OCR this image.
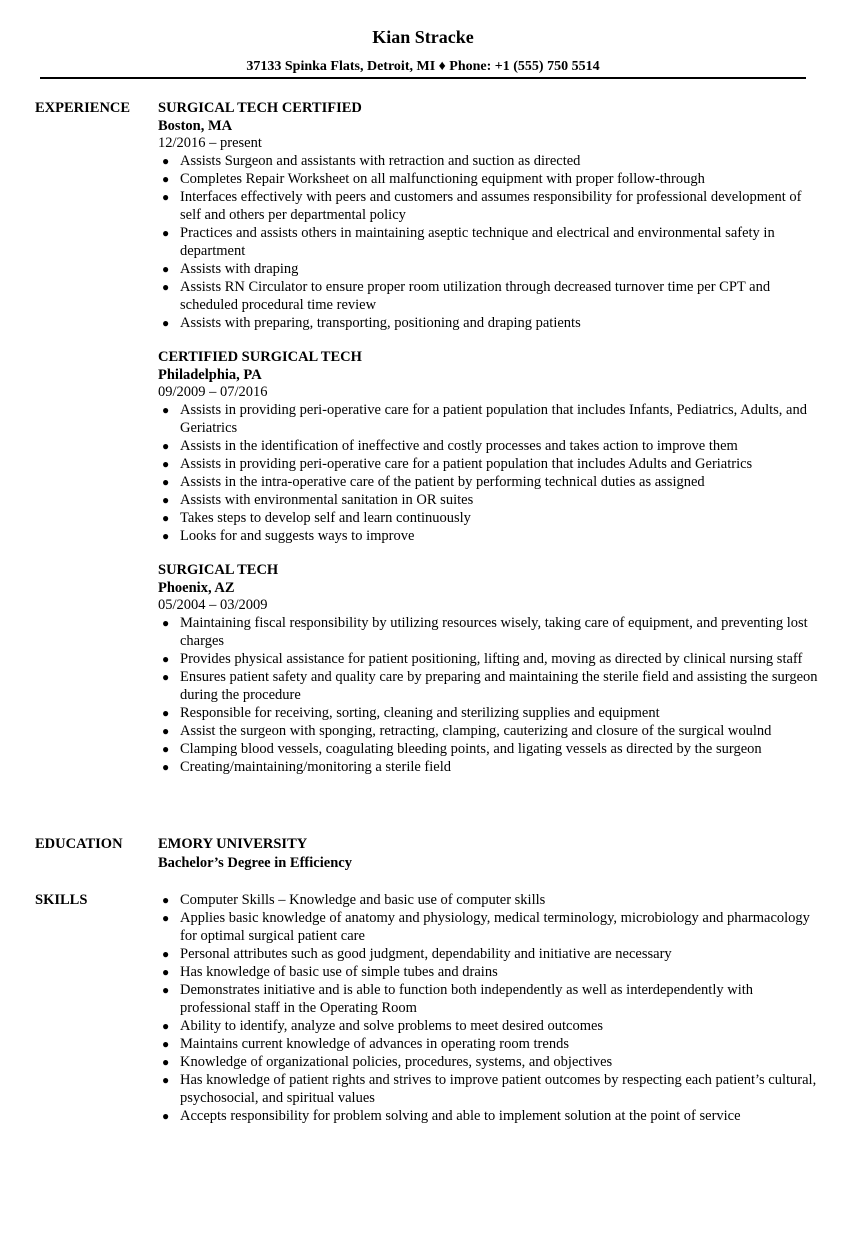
Kian Stracke
37133 Spinka Flats, Detroit, MI ♦ Phone: +1 (555) 750 5514
EXPERIENCE	SURGICAL TECH CERTIFIED
Boston, MA
12/2016 – present
● Assists Surgeon and assistants with retraction and suction as directed
● Completes Repair Worksheet on all malfunctioning equipment with proper follow-through
● Interfaces effectively with peers and customers and assumes responsibility for professional development of self and others per departmental policy
● Practices and assists others in maintaining aseptic technique and electrical and environmental safety in department
● Assists with draping
● Assists RN Circulator to ensure proper room utilization through decreased turnover time per CPT and scheduled procedural time review
● Assists with preparing, transporting, positioning and draping patients
CERTIFIED SURGICAL TECH
Philadelphia, PA
09/2009 – 07/2016
● Assists in providing peri-operative care for a patient population that includes Infants, Pediatrics, Adults, and Geriatrics
● Assists in the identification of ineffective and costly processes and takes action to improve them
● Assists in providing peri-operative care for a patient population that includes Adults and Geriatrics
● Assists in the intra-operative care of the patient by performing technical duties as assigned
● Assists with environmental sanitation in OR suites
● Takes steps to develop self and learn continuously
● Looks for and suggests ways to improve
SURGICAL TECH
Phoenix, AZ
05/2004 – 03/2009
● Maintaining fiscal responsibility by utilizing resources wisely, taking care of equipment, and preventing lost charges
● Provides physical assistance for patient positioning, lifting and, moving as directed by clinical nursing staff
● Ensures patient safety and quality care by preparing and maintaining the sterile field and assisting the surgeon during the procedure
● Responsible for receiving, sorting, cleaning and sterilizing supplies and equipment
● Assist the surgeon with sponging, retracting, clamping, cauterizing and closure of the surgical woulnd
● Clamping blood vessels, coagulating bleeding points, and ligating vessels as directed by the surgeon
● Creating/maintaining/monitoring a sterile field
EDUCATION	EMORY UNIVERSITY
Bachelor’s Degree in Efficiency
SKILLS	● Computer Skills – Knowledge and basic use of computer skills
● Applies basic knowledge of anatomy and physiology, medical terminology, microbiology and pharmacology for optimal surgical patient care
● Personal attributes such as good judgment, dependability and initiative are necessary
● Has knowledge of basic use of simple tubes and drains
● Demonstrates initiative and is able to function both independently as well as interdependently with professional staff in the Operating Room
● Ability to identify, analyze and solve problems to meet desired outcomes
● Maintains current knowledge of advances in operating room trends
● Knowledge of organizational policies, procedures, systems, and objectives
● Has knowledge of patient rights and strives to improve patient outcomes by respecting each patient’s cultural, psychosocial, and spiritual values
● Accepts responsibility for problem solving and able to implement solution at the point of service
